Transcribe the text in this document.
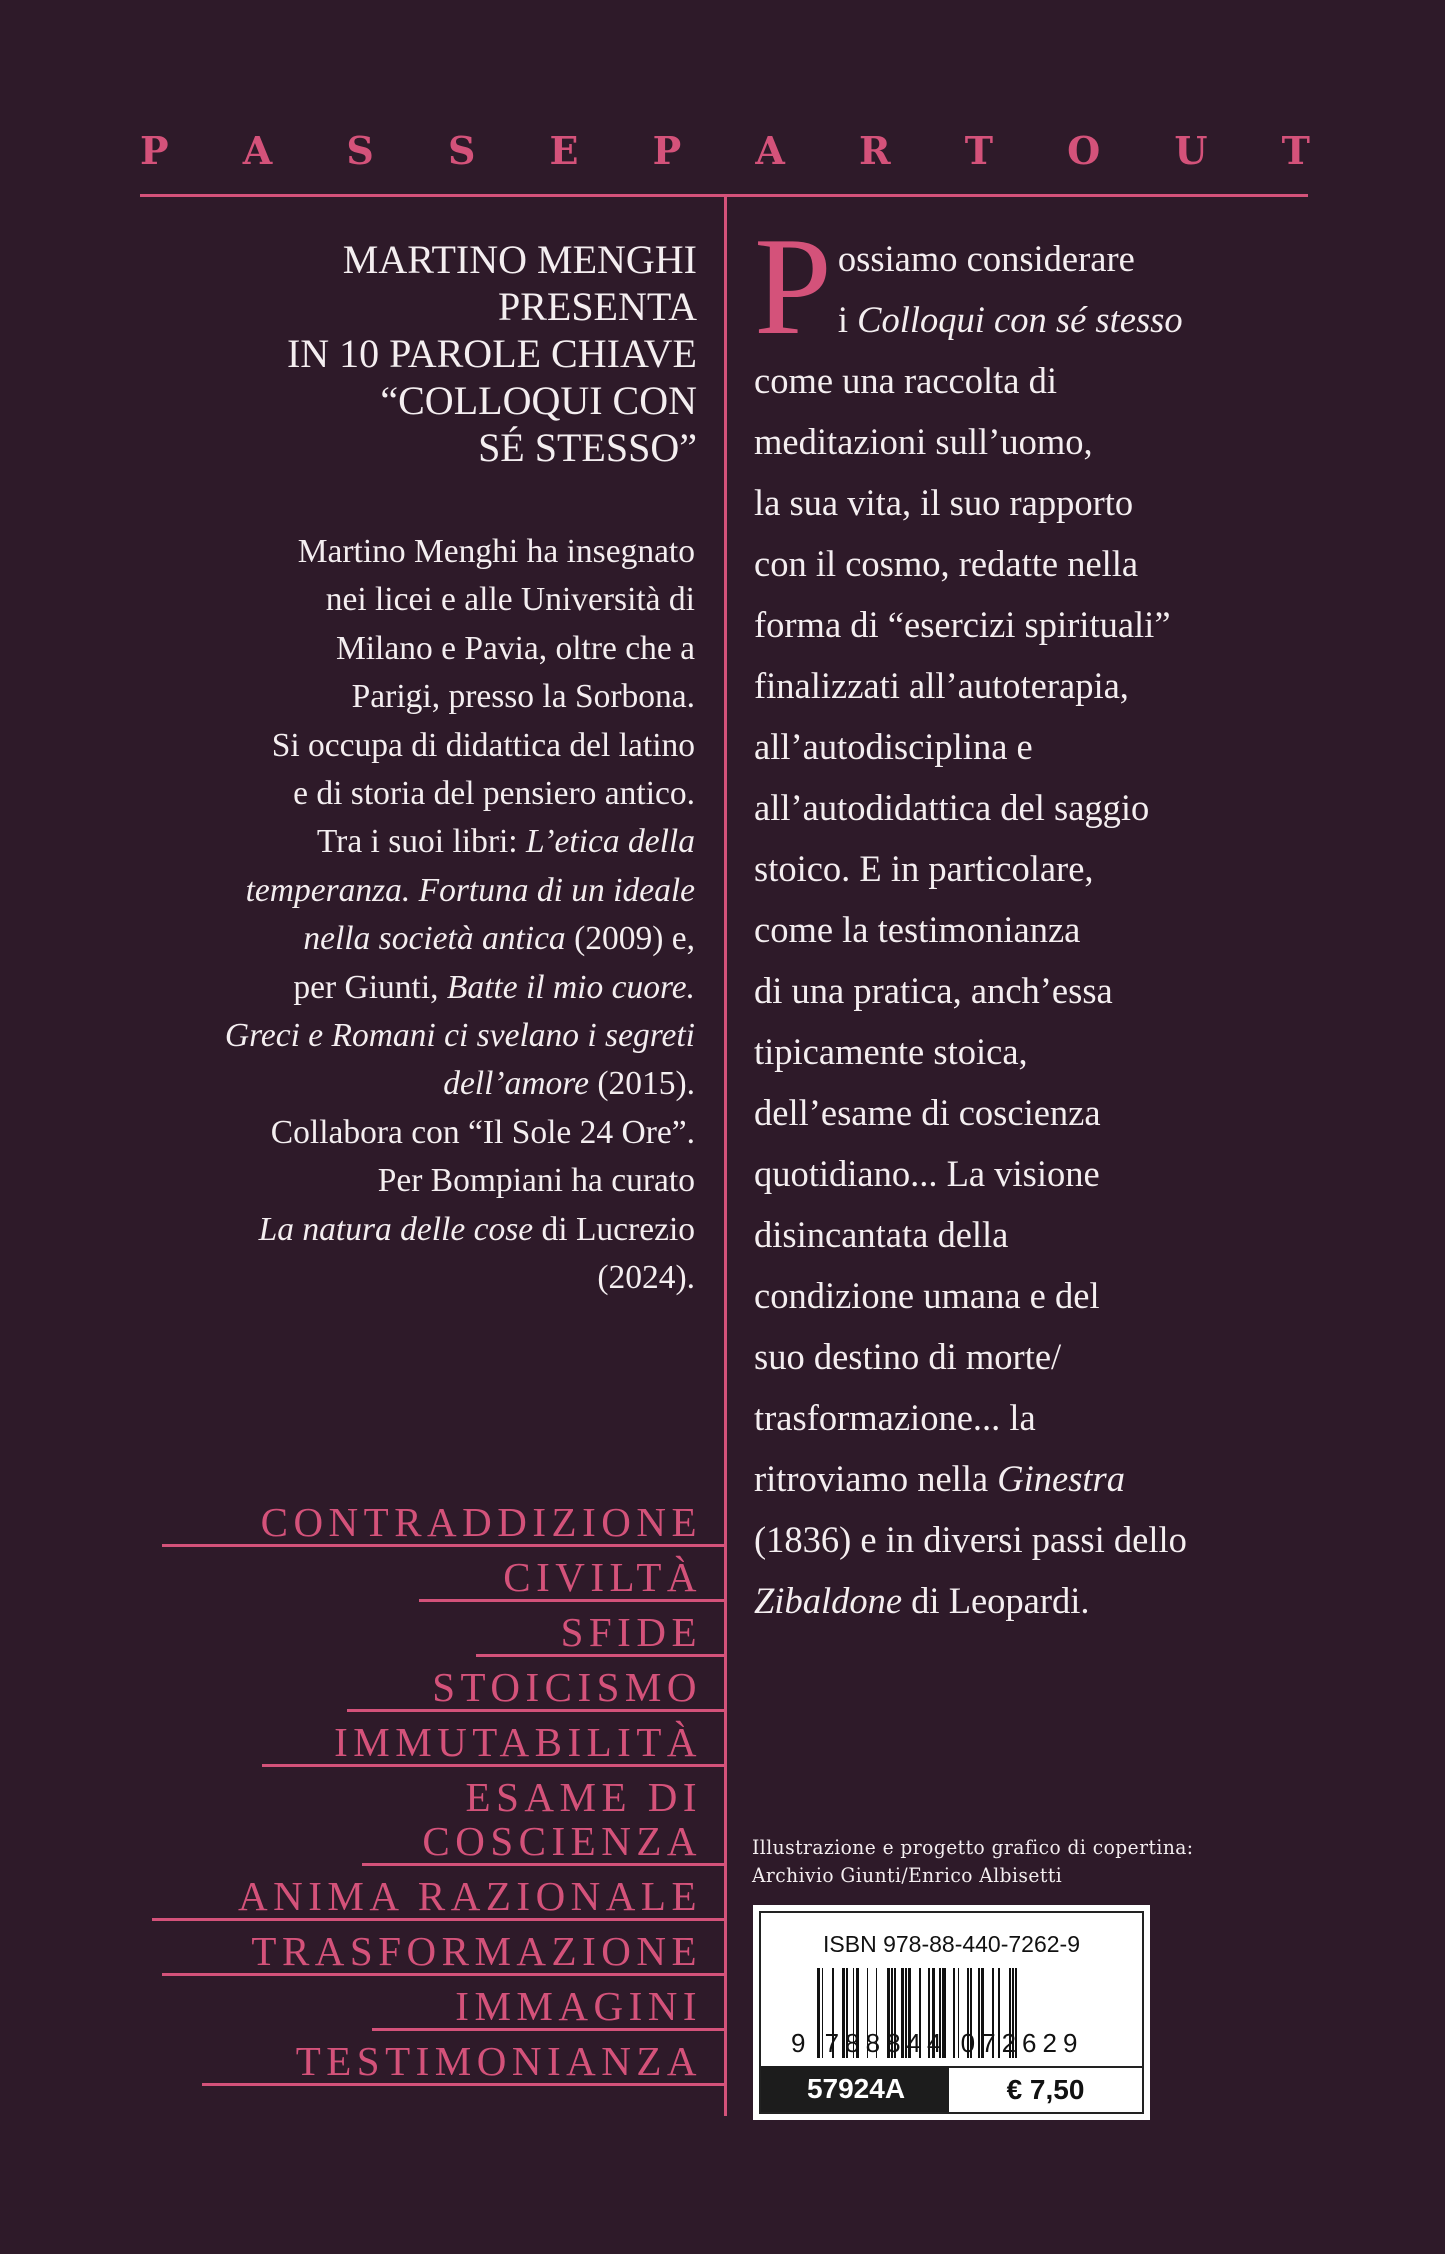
P A S S E P A R T O U T
MARTINO MENGHI
PRESENTA
IN 10 PAROLE CHIAVE
“COLLOQUI CON
SÉ STESSO”
Martino Menghi ha insegnato
nei licei e alle Università di
Milano e Pavia, oltre che a
Parigi, presso la Sorbona.
Si occupa di didattica del latino
e di storia del pensiero antico.
Tra i suoi libri: L’etica della
temperanza. Fortuna di un ideale
nella società antica (2009) e,
per Giunti, Batte il mio cuore.
Greci e Romani ci svelano i segreti
dell’amore (2015).
Collabora con “Il Sole 24 Ore”.
Per Bompiani ha curato
La natura delle cose di Lucrezio
(2024).
CONTRADDIZIONE
CIVILTÀ
SFIDE
STOICISMO
IMMUTABILITÀ
ESAME DI
COSCIENZA
ANIMA RAZIONALE
TRASFORMAZIONE
IMMAGINI
TESTIMONIANZA
P ossiamo considerare
i Colloqui con sé stesso
come una raccolta di
meditazioni sull’uomo,
la sua vita, il suo rapporto
con il cosmo, redatte nella
forma di “esercizi spirituali”
finalizzati all’autoterapia,
all’autodisciplina e
all’autodidattica del saggio
stoico. E in particolare,
come la testimonianza
di una pratica, anch’essa
tipicamente stoica,
dell’esame di coscienza
quotidiano... La visione
disincantata della
condizione umana e del
suo destino di morte/
trasformazione... la
ritroviamo nella Ginestra
(1836) e in diversi passi dello
Zibaldone di Leopardi.
Illustrazione e progetto grafico di copertina:
Archivio Giunti/Enrico Albisetti
ISBN 978-88-440-7262-9
9 788844 072629
57924A	€ 7,50
